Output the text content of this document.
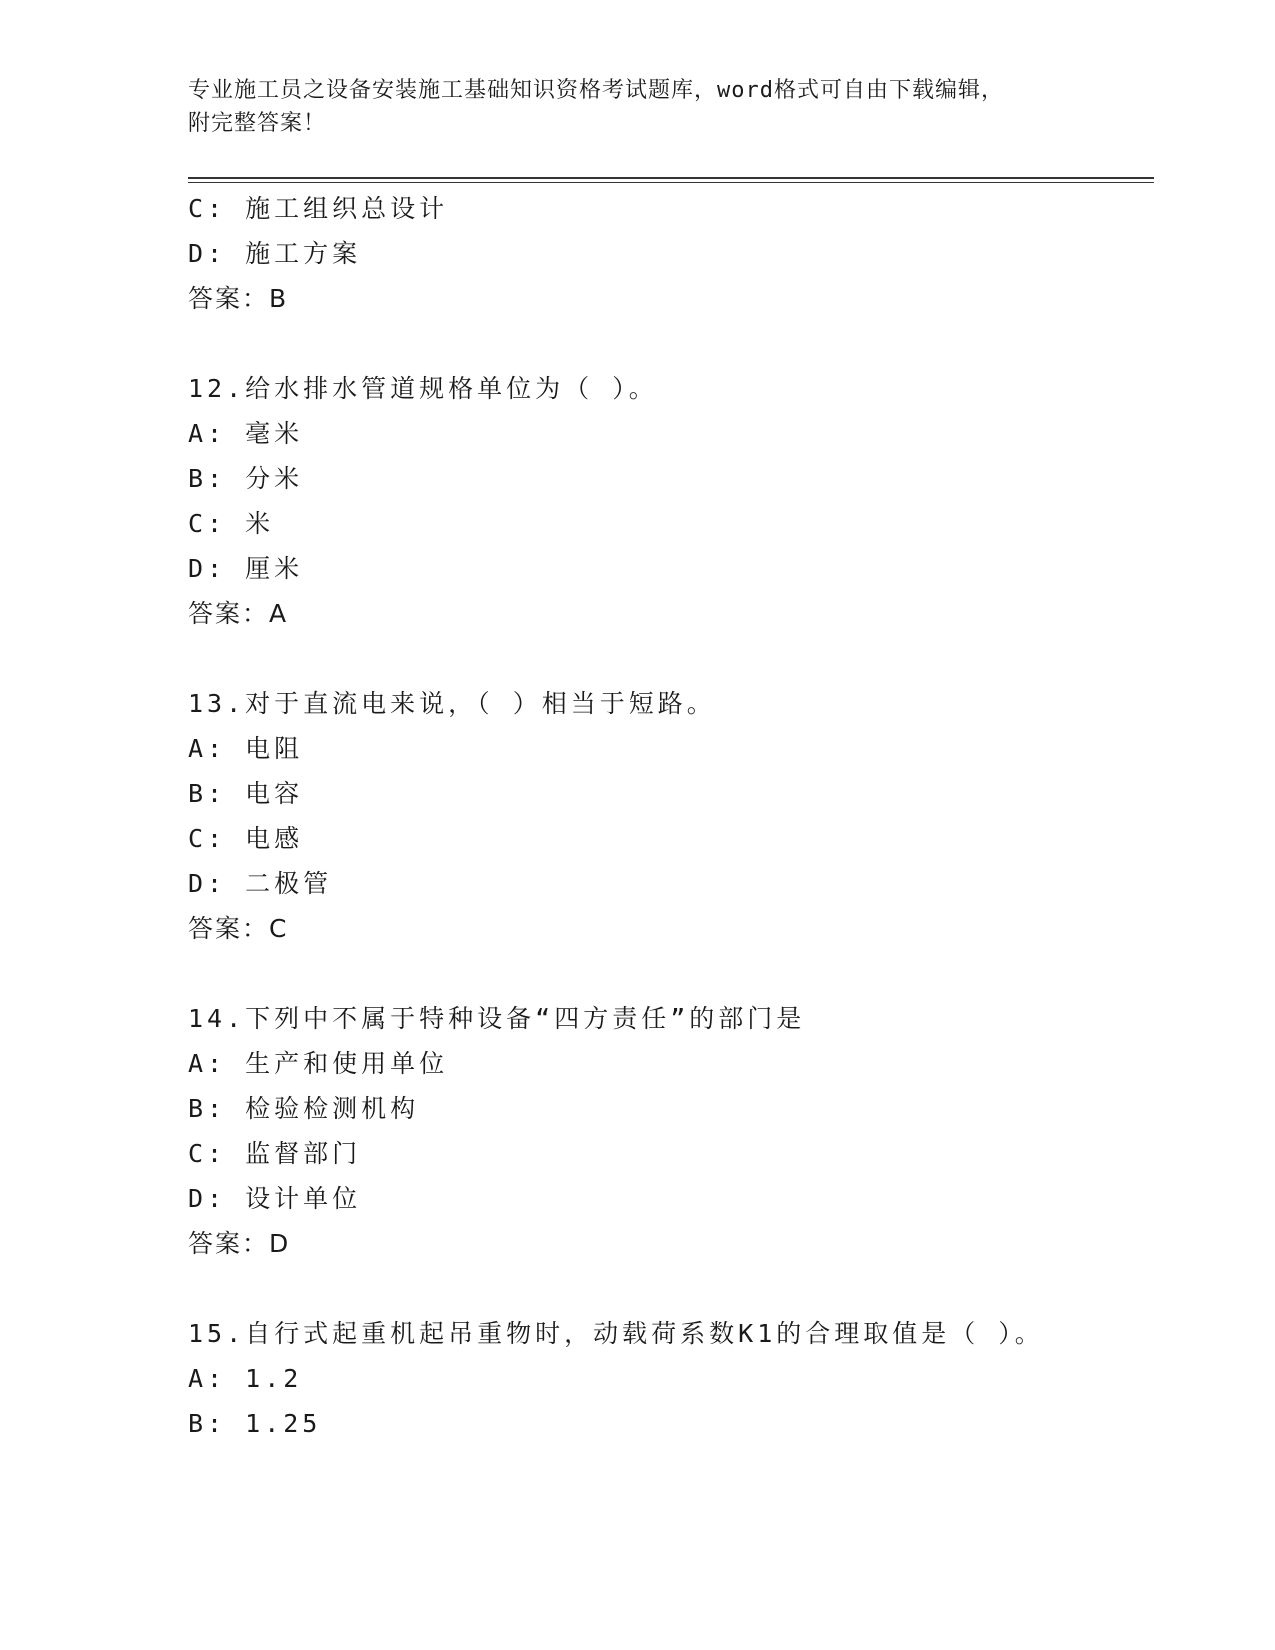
专业施工员之设备安装施工基础知识资格考试题库，word格式可自由下载编辑，
附完整答案！
C: 施工组织总设计
D: 施工方案
答案：B
12.给水排水管道规格单位为（ ）。
A: 毫米
B: 分米
C: 米
D: 厘米
答案：A
13.对于直流电来说，（ ）相当于短路。
A: 电阻
B: 电容
C: 电感
D: 二极管
答案：C
14.下列中不属于特种设备“四方责任”的部门是
A: 生产和使用单位
B: 检验检测机构
C: 监督部门
D: 设计单位
答案：D
15.自行式起重机起吊重物时，动载荷系数K1的合理取值是（ ）。
A: 1.2
B: 1.25
